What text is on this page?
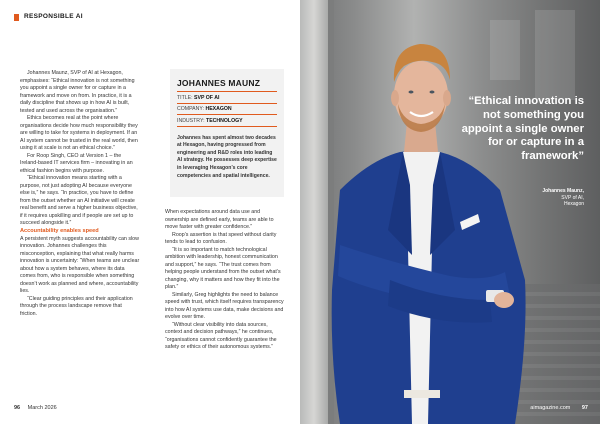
RESPONSIBLE AI

Johannes Maunz, SVP of AI at Hexagon, emphasises: “Ethical innovation is not something you appoint a single owner for or capture in a framework and move on from. In practice, it is a daily discipline that shows up in how AI is built, tested and used across the organisation.”

Ethics becomes real at the point where organisations decide how much responsibility they are willing to take for systems in deployment. If an AI system cannot be trusted in the real world, then using it at scale is not an ethical choice.”

For Roop Singh, CEO at Version 1 – the Ireland-based IT services firm – innovating in an ethical fashion begins with purpose.

“Ethical innovation means starting with a purpose, not just adopting AI because everyone else is,” he says. “In practice, you have to define from the outset whether an AI initiative will create real benefit and serve a higher business objective, if it requires upskilling and if people are set up to succeed alongside it.”

Accountability enables speed

A persistent myth suggests accountability can slow innovation. Johannes challenges this misconception, explaining that what really harms innovation is uncertainty: “When teams are unclear about how a system behaves, where its data comes from, who is responsible when something doesn’t work as planned and where, accountability lies.

“Clear guiding principles and their application through the process landscape remove that friction.

JOHANNES MAUNZ
TITLE: SVP OF AI
COMPANY: HEXAGON
INDUSTRY: TECHNOLOGY
Johannes has spent almost two decades at Hexagon, having progressed from engineering and R&D roles into leading AI strategy. He possesses deep expertise in leveraging Hexagon’s core competencies and spatial intelligence.

When expectations around data use and ownership are defined early, teams are able to move faster with greater confidence.”

Roop’s assertion is that speed without clarity tends to lead to confusion.

“It is so important to match technological ambition with leadership, honest communication and support,” he says. “The trust comes from helping people understand from the outset what’s changing, why it matters and how they fit into the plan.”

Similarly, Greg highlights the need to balance speed with trust, which itself requires transparency into how AI systems use data, make decisions and evolve over time.

“Without clear visibility into data sources, context and decision pathways,” he continues, “organisations cannot confidently guarantee the safety or ethics of their autonomous systems.”

96 March 2026
“Ethical innovation is not something you appoint a single owner for or capture in a framework”
Johannes Maunz,
SVP of AI,
Hexagon
aimagazine.com 97
